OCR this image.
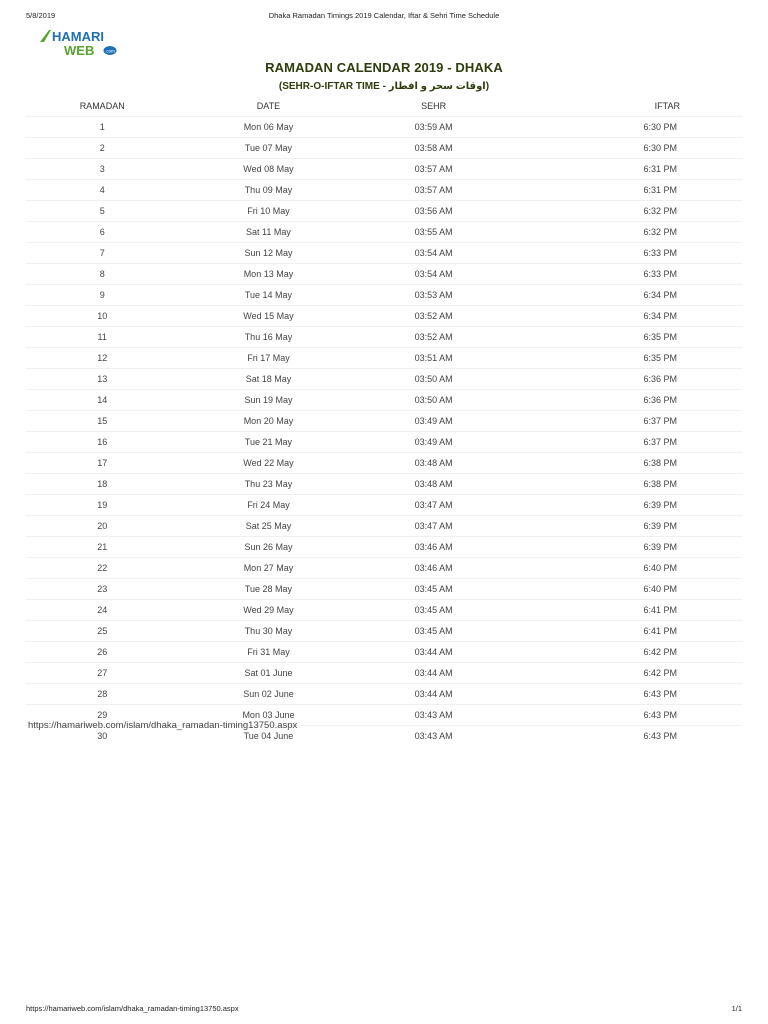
5/8/2019	Dhaka Ramadan Timings 2019 Calendar, Iftar & Sehri Time Schedule
HAMARI
WEB .com
RAMADAN CALENDAR 2019 - DHAKA
(SEHR-O-IFTAR TIME - اوقات سحر و افطار)
RAMADAN	DATE	SEHR	IFTAR
1	Mon 06 May	03:59 AM	6:30 PM
2	Tue 07 May	03:58 AM	6:30 PM
3	Wed 08 May	03:57 AM	6:31 PM
4	Thu 09 May	03:57 AM	6:31 PM
5	Fri 10 May	03:56 AM	6:32 PM
6	Sat 11 May	03:55 AM	6:32 PM
7	Sun 12 May	03:54 AM	6:33 PM
8	Mon 13 May	03:54 AM	6:33 PM
9	Tue 14 May	03:53 AM	6:34 PM
10	Wed 15 May	03:52 AM	6:34 PM
11	Thu 16 May	03:52 AM	6:35 PM
12	Fri 17 May	03:51 AM	6:35 PM
13	Sat 18 May	03:50 AM	6:36 PM
14	Sun 19 May	03:50 AM	6:36 PM
15	Mon 20 May	03:49 AM	6:37 PM
16	Tue 21 May	03:49 AM	6:37 PM
17	Wed 22 May	03:48 AM	6:38 PM
18	Thu 23 May	03:48 AM	6:38 PM
19	Fri 24 May	03:47 AM	6:39 PM
20	Sat 25 May	03:47 AM	6:39 PM
21	Sun 26 May	03:46 AM	6:39 PM
22	Mon 27 May	03:46 AM	6:40 PM
23	Tue 28 May	03:45 AM	6:40 PM
24	Wed 29 May	03:45 AM	6:41 PM
25	Thu 30 May	03:45 AM	6:41 PM
26	Fri 31 May	03:44 AM	6:42 PM
27	Sat 01 June	03:44 AM	6:42 PM
28	Sun 02 June	03:44 AM	6:43 PM
29	Mon 03 June	03:43 AM	6:43 PM
30	Tue 04 June	03:43 AM	6:43 PM
https://hamariweb.com/islam/dhaka_ramadan-timing13750.aspx
https://hamariweb.com/islam/dhaka_ramadan-timing13750.aspx	1/1
